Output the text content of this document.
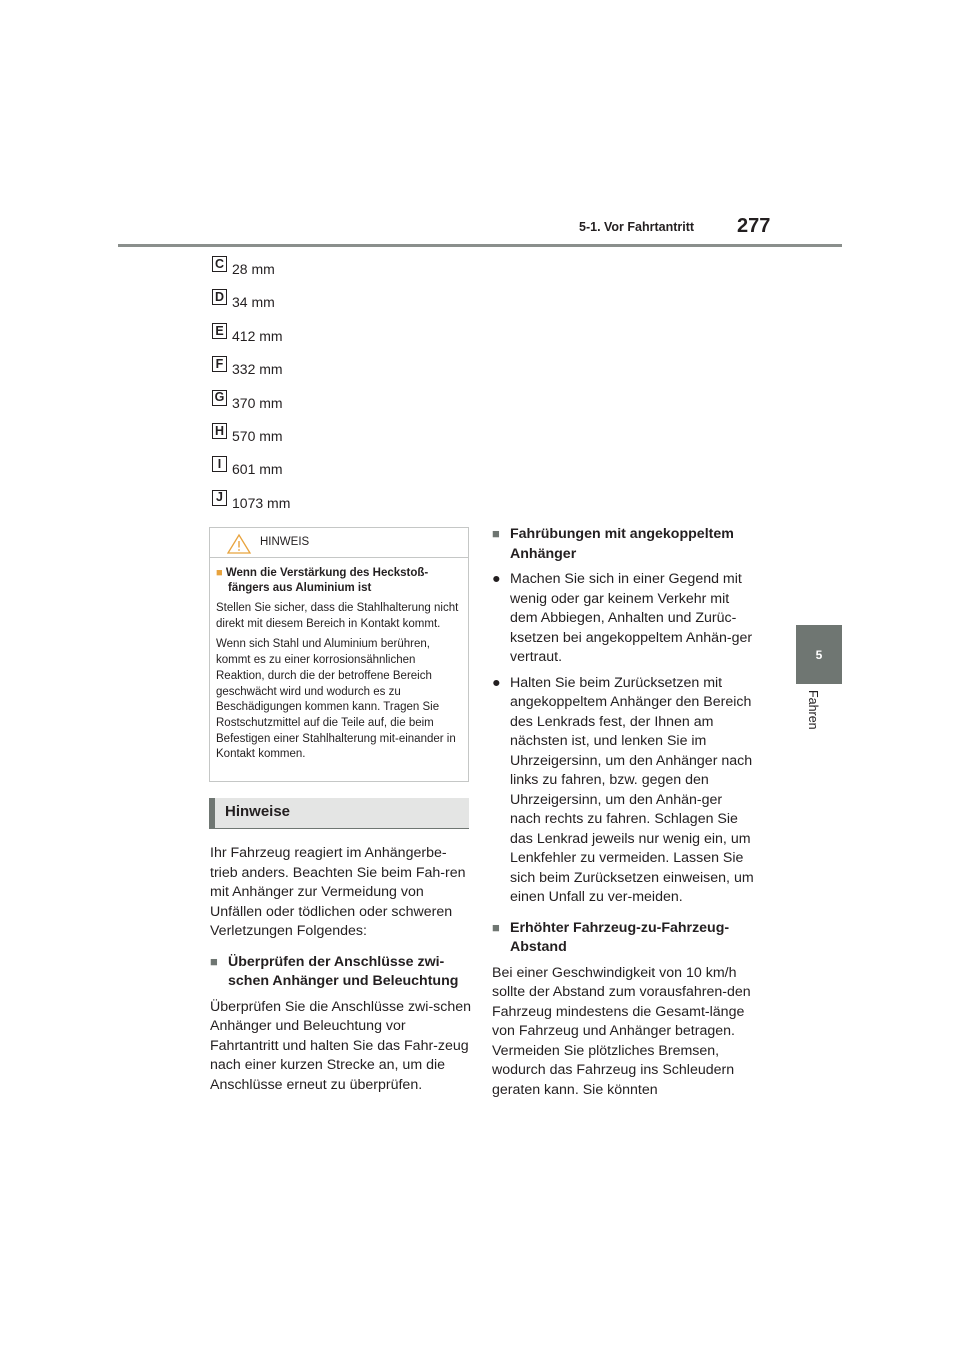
5-1. Vor Fahrtantritt 277
5
Fahren
C 28 mm
D 34 mm
E 412 mm
F 332 mm
G 370 mm
H 570 mm
I 601 mm
J 1073 mm
HINWEIS
■ Wenn die Verstärkung des Heckstoß-fängers aus Aluminium ist
Stellen Sie sicher, dass die Stahlhalterung nicht direkt mit diesem Bereich in Kontakt kommt.
Wenn sich Stahl und Aluminium berühren, kommt es zu einer korrosionsähnlichen Reaktion, durch die der betroffene Bereich geschwächt wird und wodurch es zu Beschädigungen kommen kann. Tragen Sie Rostschutzmittel auf die Teile auf, die beim Befestigen einer Stahlhalterung mit-einander in Kontakt kommen.
Hinweise

Ihr Fahrzeug reagiert im Anhängerbe-trieb anders. Beachten Sie beim Fah-ren mit Anhänger zur Vermeidung von Unfällen oder tödlichen oder schweren Verletzungen Folgendes:

■ Überprüfen der Anschlüsse zwi-schen Anhänger und Beleuchtung

Überprüfen Sie die Anschlüsse zwi-schen Anhänger und Beleuchtung vor Fahrtantritt und halten Sie das Fahr-zeug nach einer kurzen Strecke an, um die Anschlüsse erneut zu überprüfen.

■ Fahrübungen mit angekoppeltem Anhänger

● Machen Sie sich in einer Gegend mit wenig oder gar keinem Verkehr mit dem Abbiegen, Anhalten und Zurüc-ksetzen bei angekoppeltem Anhän-ger vertraut.

● Halten Sie beim Zurücksetzen mit angekoppeltem Anhänger den Bereich des Lenkrads fest, der Ihnen am nächsten ist, und lenken Sie im Uhrzeigersinn, um den Anhänger nach links zu fahren, bzw. gegen den Uhrzeigersinn, um den Anhän-ger nach rechts zu fahren. Schlagen Sie das Lenkrad jeweils nur wenig ein, um Lenkfehler zu vermeiden. Lassen Sie sich beim Zurücksetzen einweisen, um einen Unfall zu ver-meiden.

■ Erhöhter Fahrzeug-zu-Fahrzeug-Abstand

Bei einer Geschwindigkeit von 10 km/h sollte der Abstand zum vorausfahren-den Fahrzeug mindestens die Gesamt-länge von Fahrzeug und Anhänger betragen. Vermeiden Sie plötzliches Bremsen, wodurch das Fahrzeug ins Schleudern geraten kann. Sie könnten
